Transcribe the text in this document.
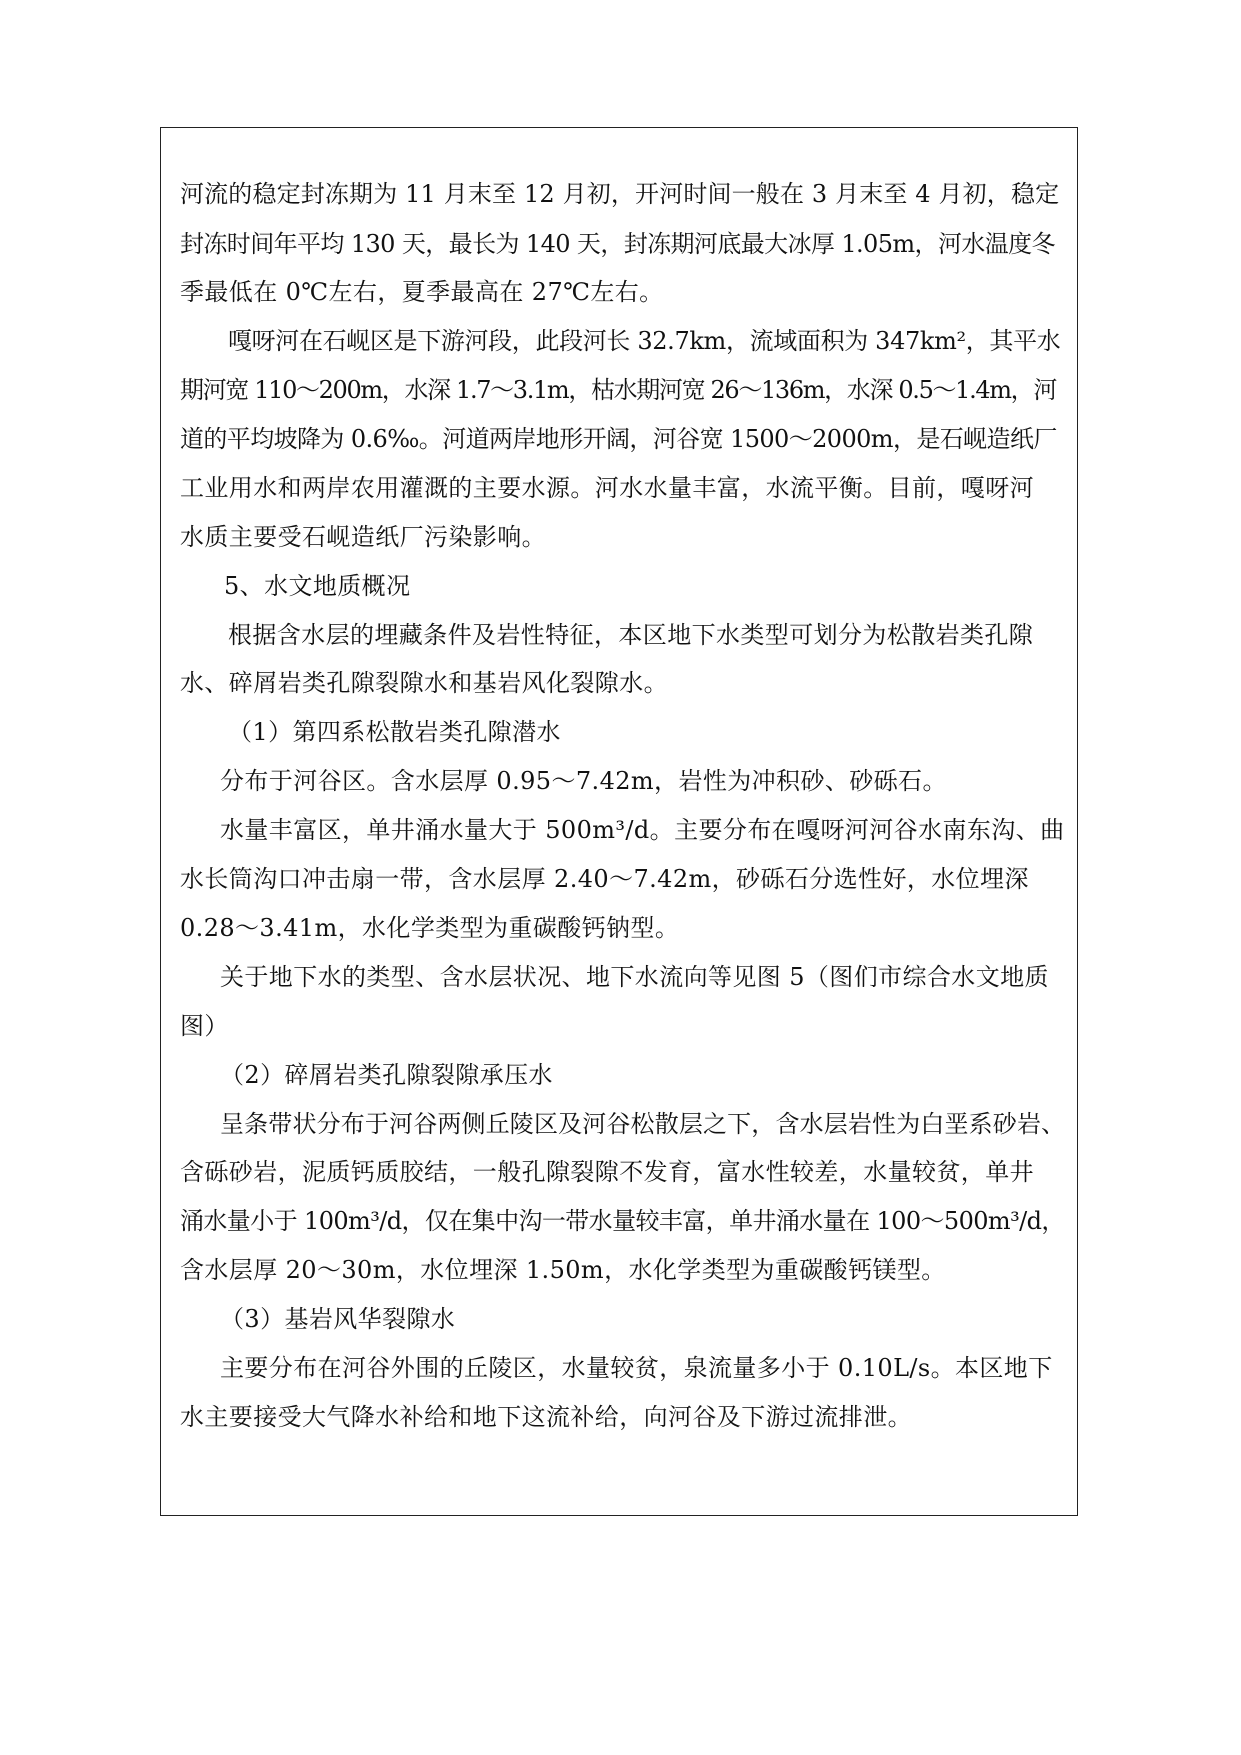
河流的稳定封冻期为 11 月末至 12 月初，开河时间一般在 3 月末至 4 月初，稳定
封冻时间年平均 130 天，最长为 140 天，封冻期河底最大冰厚 1.05m，河水温度冬
季最低在 0℃左右，夏季最高在 27℃左右。
嘎呀河在石岘区是下游河段，此段河长 32.7km，流域面积为 347km²，其平水
期河宽 110～200m，水深 1.7～3.1m，枯水期河宽 26～136m，水深 0.5～1.4m，河
道的平均坡降为 0.6‰。河道两岸地形开阔，河谷宽 1500～2000m，是石岘造纸厂
工业用水和两岸农用灌溉的主要水源。河水水量丰富，水流平衡。目前，嘎呀河
水质主要受石岘造纸厂污染影响。
5、水文地质概况
根据含水层的埋藏条件及岩性特征，本区地下水类型可划分为松散岩类孔隙
水、碎屑岩类孔隙裂隙水和基岩风化裂隙水。
（1）第四系松散岩类孔隙潜水
分布于河谷区。含水层厚 0.95～7.42m，岩性为冲积砂、砂砾石。
水量丰富区，单井涌水量大于 500m³/d。主要分布在嘎呀河河谷水南东沟、曲
水长筒沟口冲击扇一带，含水层厚 2.40～7.42m，砂砾石分选性好，水位埋深
0.28～3.41m，水化学类型为重碳酸钙钠型。
关于地下水的类型、含水层状况、地下水流向等见图 5（图们市综合水文地质
图）
（2）碎屑岩类孔隙裂隙承压水
呈条带状分布于河谷两侧丘陵区及河谷松散层之下，含水层岩性为白垩系砂岩、
含砾砂岩，泥质钙质胶结，一般孔隙裂隙不发育，富水性较差，水量较贫，单井
涌水量小于 100m³/d，仅在集中沟一带水量较丰富，单井涌水量在 100～500m³/d，
含水层厚 20～30m，水位埋深 1.50m，水化学类型为重碳酸钙镁型。
（3）基岩风华裂隙水
主要分布在河谷外围的丘陵区，水量较贫，泉流量多小于 0.10L/s。本区地下
水主要接受大气降水补给和地下这流补给，向河谷及下游过流排泄。
